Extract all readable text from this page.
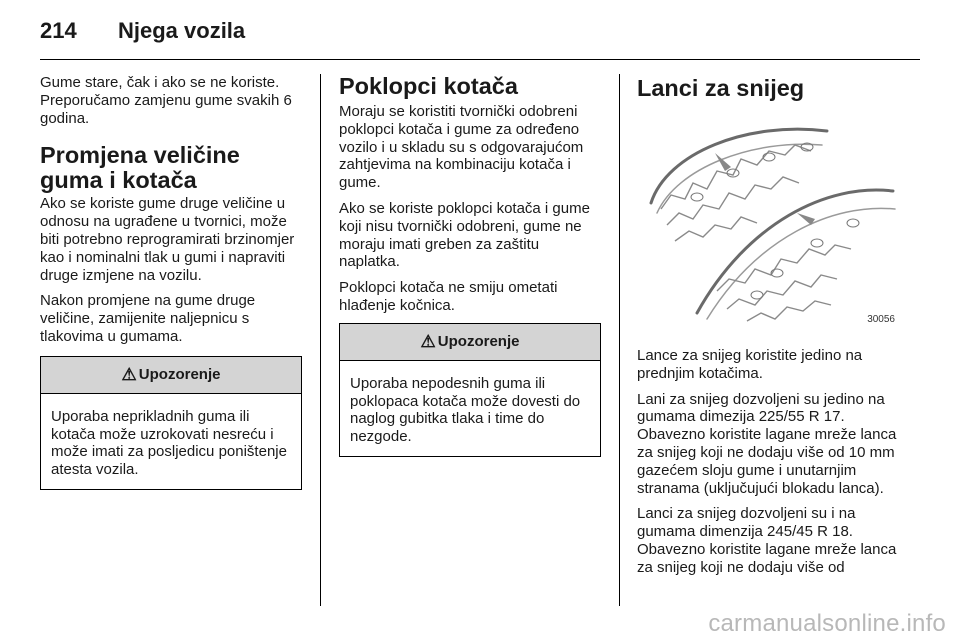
214	Njega vozila

Gume stare, čak i ako se ne koriste. Preporučamo zamjenu gume svakih 6 godina.

Promjena veličine guma i kotača

Ako se koriste gume druge veličine u odnosu na ugrađene u tvornici, može biti potrebno reprogramirati brzinomjer kao i nominalni tlak u gumi i napraviti druge izmjene na vozilu.

Nakon promjene na gume druge veličine, zamijenite naljepnicu s tlakovima u gumama.

⚠ Upozorenje
Uporaba neprikladnih guma ili kotača može uzrokovati nesreću i može imati za posljedicu poništenje atesta vozila.
Poklopci kotača

Moraju se koristiti tvornički odobreni poklopci kotača i gume za određeno vozilo i u skladu su s odgovarajućom zahtjevima na kombinaciju kotača i gume.

Ako se koriste poklopci kotača i gume koji nisu tvornički odobreni, gume ne moraju imati greben za zaštitu naplatka.

Poklopci kotača ne smiju ometati hlađenje kočnica.

⚠ Upozorenje
Uporaba nepodesnih guma ili poklopaca kotača može dovesti do naglog gubitka tlaka i time do nezgode.
Lanci za snijeg
30056

Lance za snijeg koristite jedino na prednjim kotačima.

Lani za snijeg dozvoljeni su jedino na gumama dimezija 225/55 R 17. Obavezno koristite lagane mreže lanca za snijeg koji ne dodaju više od 10 mm gazećem sloju gume i unutarnjim stranama (uključujući blokadu lanca).

Lanci za snijeg dozvoljeni su i na gumama dimenzija 245/45 R 18. Obavezno koristite lagane mreže lanca za snijeg koji ne dodaju više od

carmanualsonline.info
